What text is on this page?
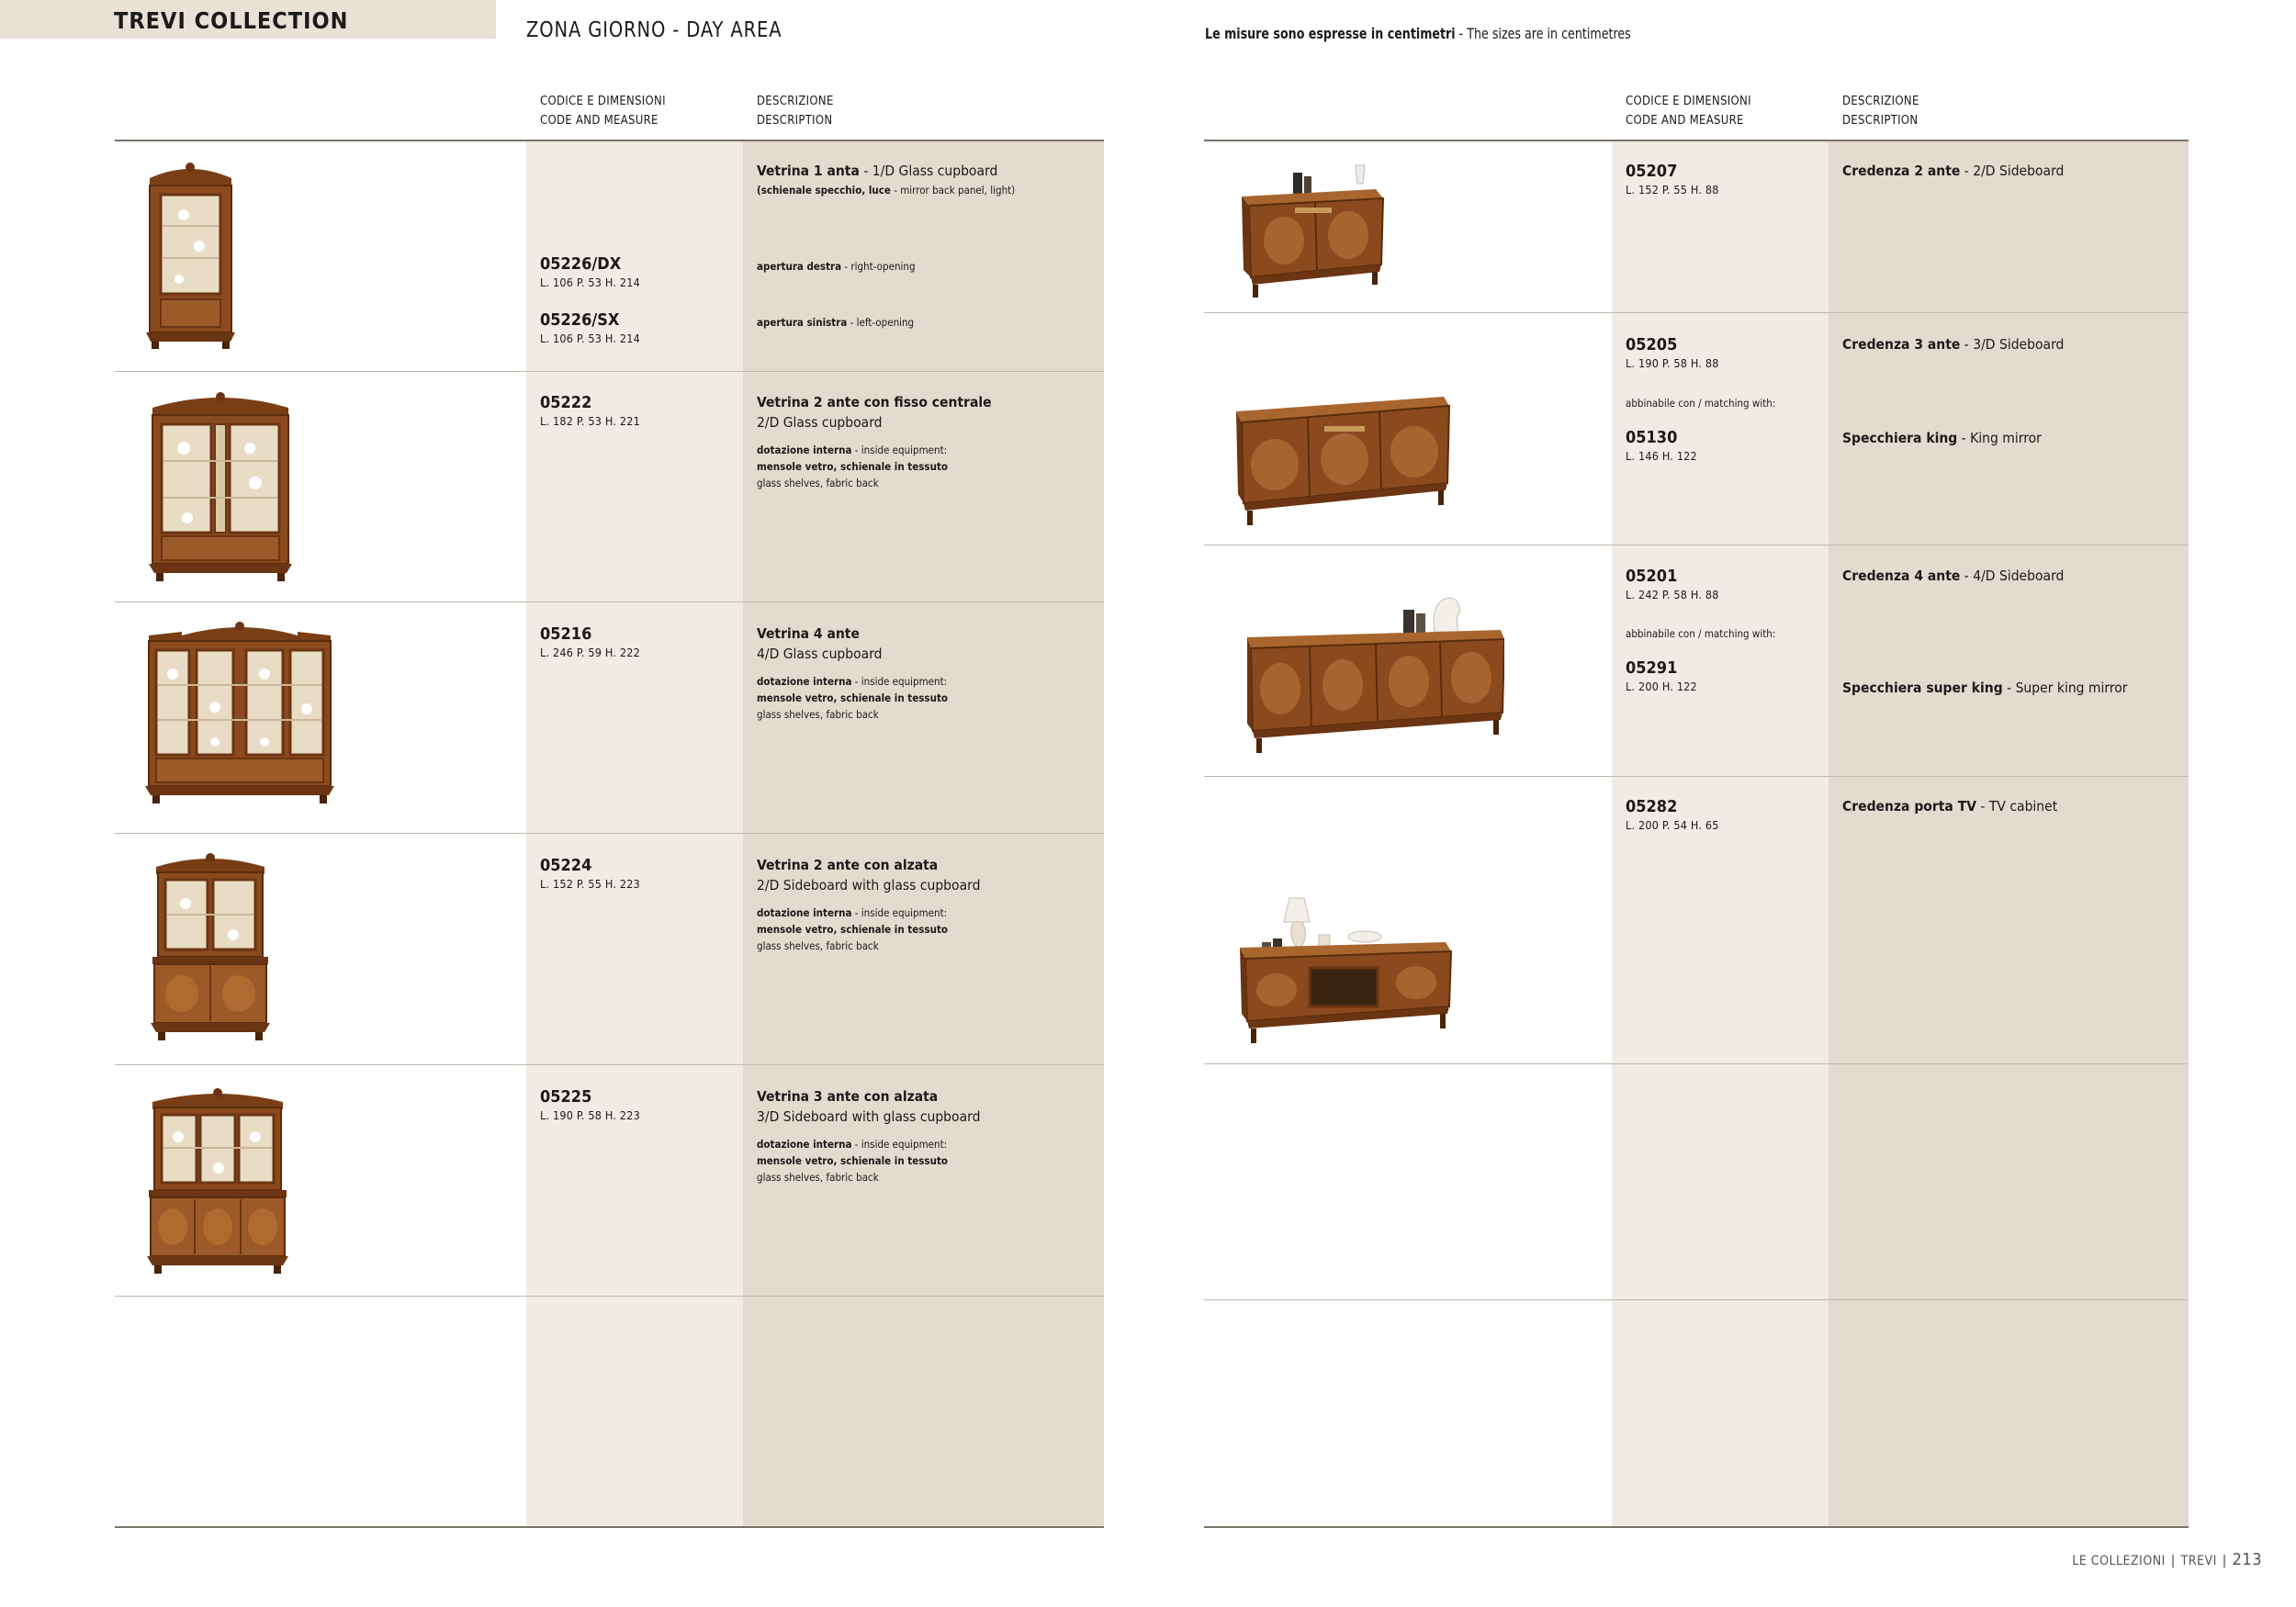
TREVI COLLECTION	ZONA GIORNO - DAY AREA	Le misure sono espresse in centimetri - The sizes are in centimetres
CODICE E DIMENSIONI
CODE AND MEASURE
DESCRIZIONE
DESCRIPTION
CODICE E DIMENSIONI
CODE AND MEASURE
DESCRIZIONE
DESCRIPTION
Vetrina 1 anta - 1/D Glass cupboard
(schienale specchio, luce - mirror back panel, light)
05226/DX
L. 106 P. 53 H. 214
apertura destra - right-opening
05226/SX
L. 106 P. 53 H. 214
apertura sinistra - left-opening
05222
L. 182 P. 53 H. 221
Vetrina 2 ante con fisso centrale
2/D Glass cupboard
dotazione interna - inside equipment:
mensole vetro, schienale in tessuto
glass shelves, fabric back
05216
L. 246 P. 59 H. 222
Vetrina 4 ante
4/D Glass cupboard
dotazione interna - inside equipment:
mensole vetro, schienale in tessuto
glass shelves, fabric back
05224
L. 152 P. 55 H. 223
Vetrina 2 ante con alzata
2/D Sideboard with glass cupboard
dotazione interna - inside equipment:
mensole vetro, schienale in tessuto
glass shelves, fabric back
05225
L. 190 P. 58 H. 223
Vetrina 3 ante con alzata
3/D Sideboard with glass cupboard
dotazione interna - inside equipment:
mensole vetro, schienale in tessuto
glass shelves, fabric back
05207
L. 152 P. 55 H. 88
Credenza 2 ante - 2/D Sideboard
05205
L. 190 P. 58 H. 88
abbinabile con / matching with:
05130
L. 146 H. 122
Credenza 3 ante - 3/D Sideboard
Specchiera king - King mirror
05201
L. 242 P. 58 H. 88
abbinabile con / matching with:
05291
L. 200 H. 122
Credenza 4 ante - 4/D Sideboard
Specchiera super king - Super king mirror
05282
L. 200 P. 54 H. 65
Credenza porta TV - TV cabinet
LE COLLEZIONI | TREVI | 213
